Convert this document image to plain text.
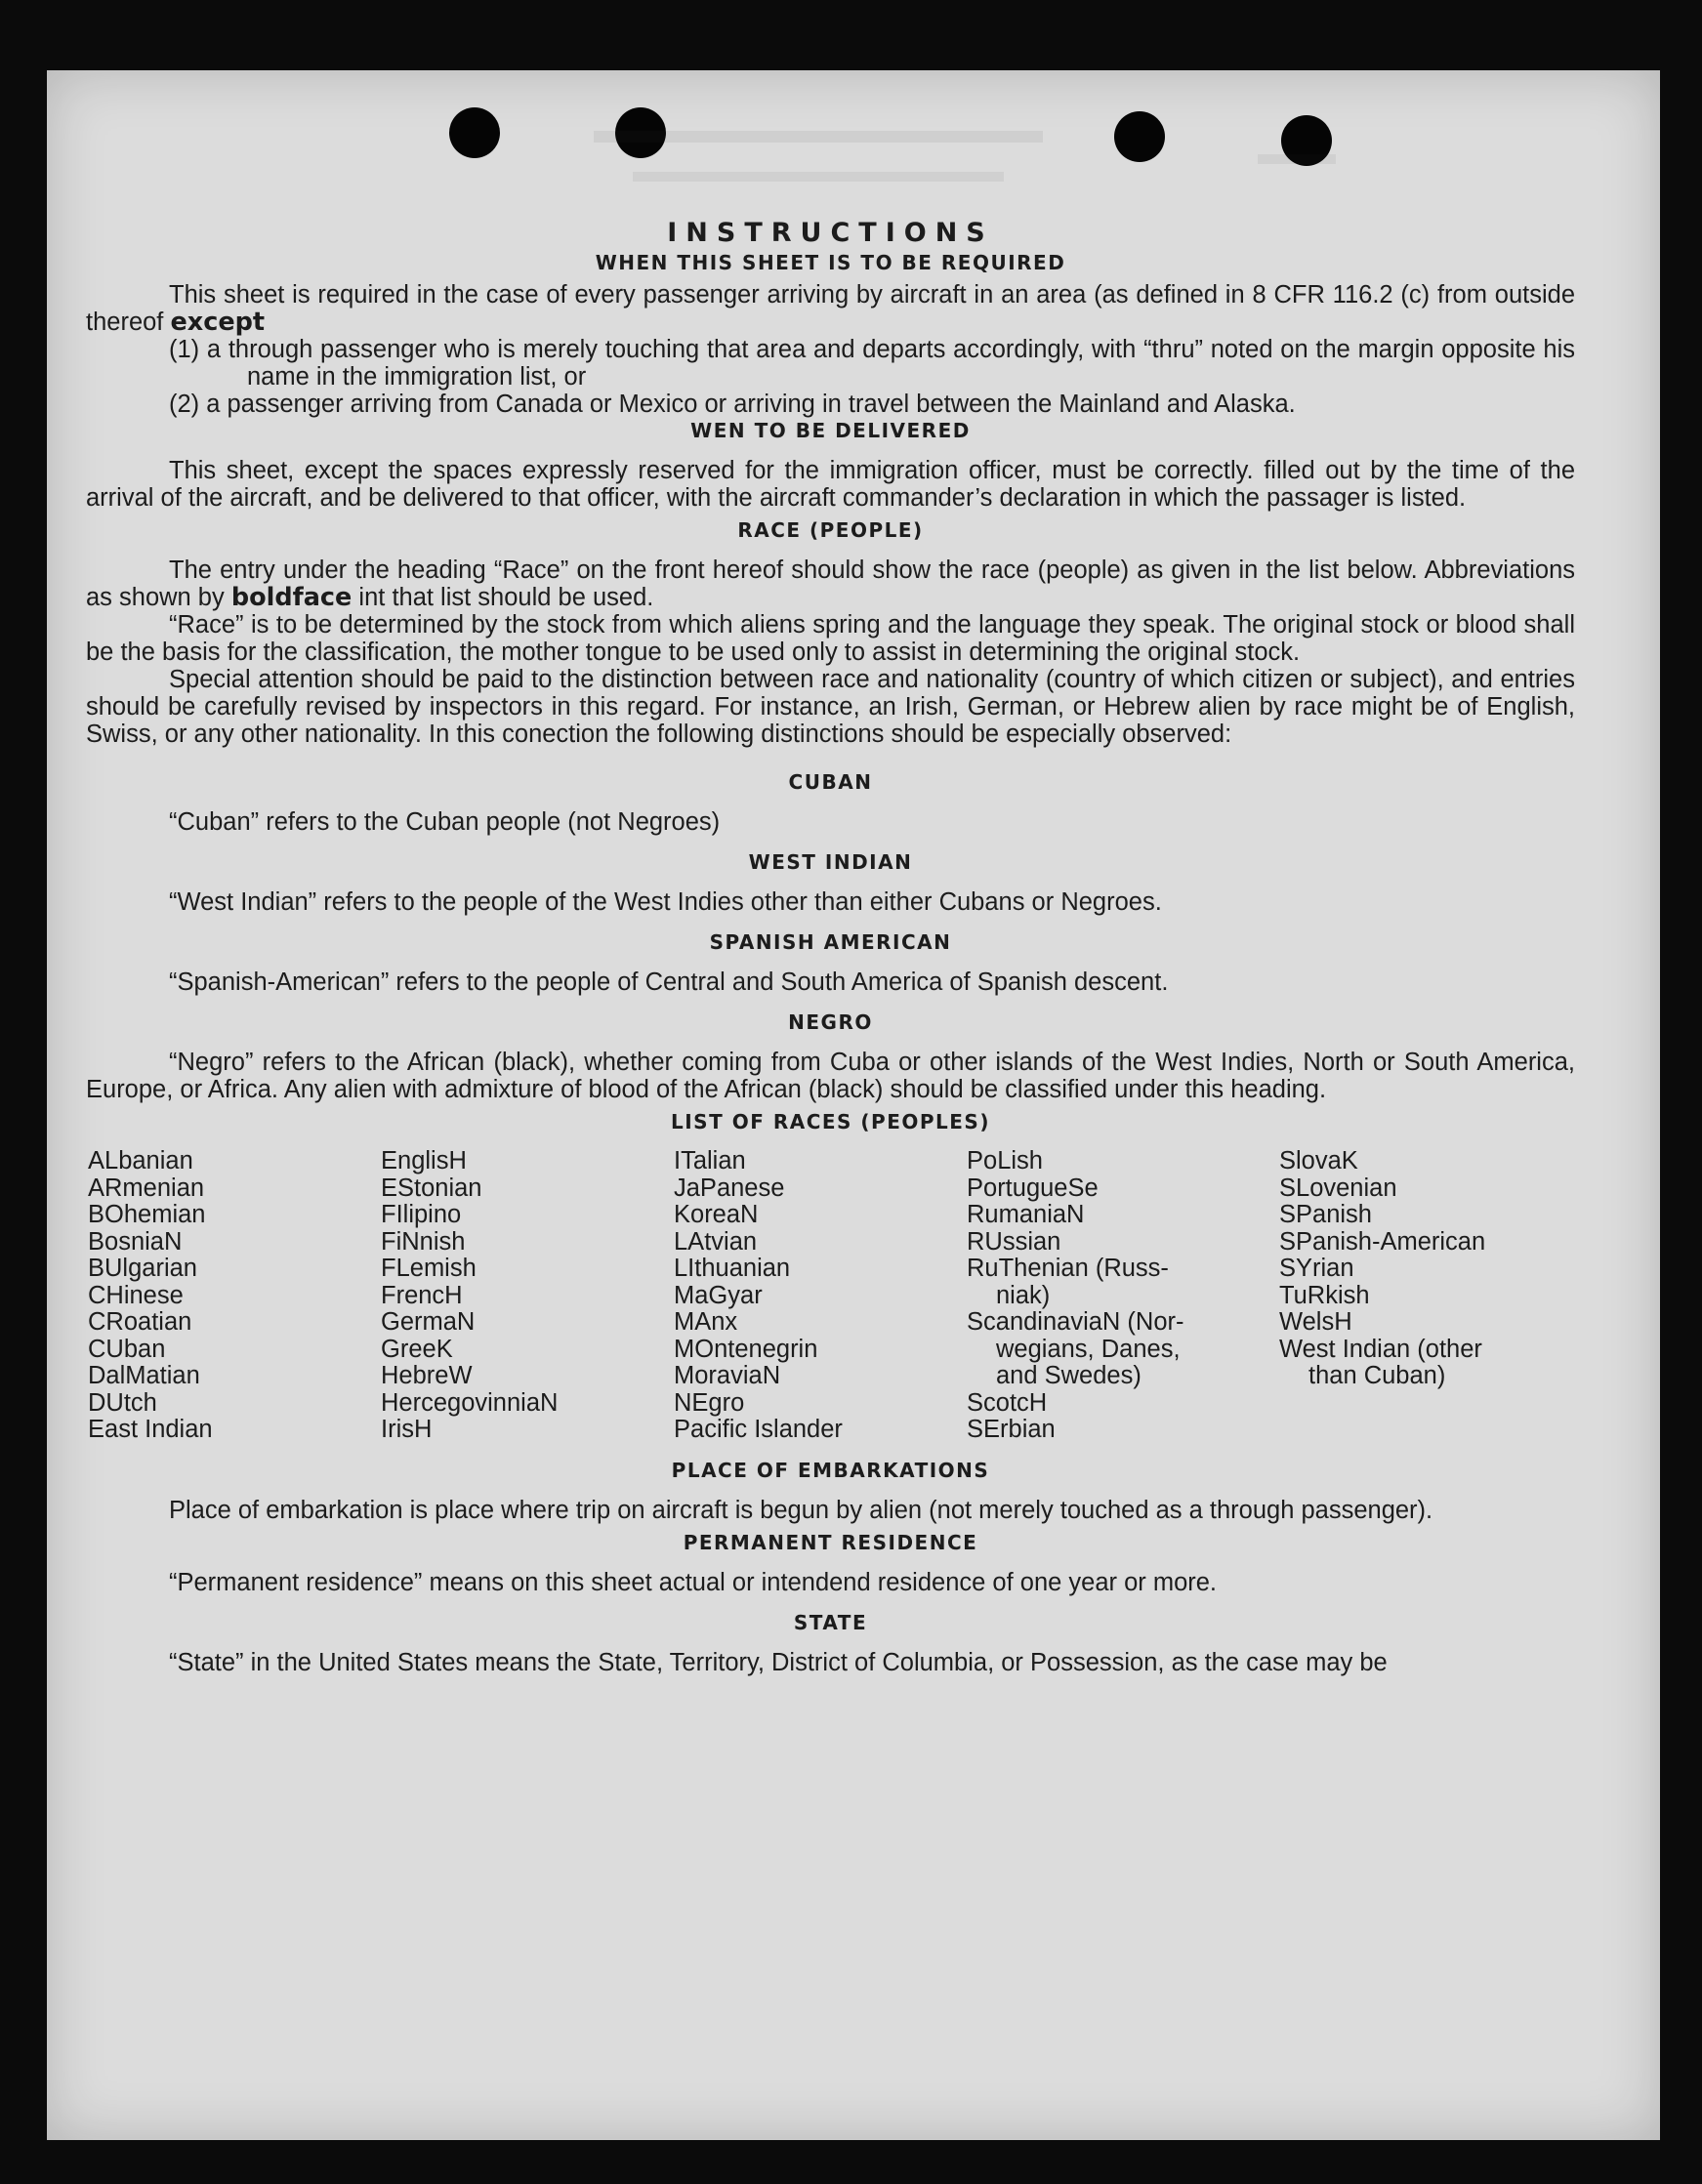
INSTRUCTIONS
WHEN THIS SHEET IS TO BE REQUIRED

This sheet is required in the case of every passenger arriving by aircraft in an area (as defined in 8 CFR 116.2 (c) from outside thereof except

(1) a through passenger who is merely touching that area and departs accordingly, with “thru” noted on the margin opposite his name in the immigration list, or

(2) a passenger arriving from Canada or Mexico or arriving in travel between the Mainland and Alaska.

WEN TO BE DELIVERED

This sheet, except the spaces expressly reserved for the immigration officer, must be correctly. filled out by the time of the arrival of the aircraft, and be delivered to that officer, with the aircraft commander’s declaration in which the passager is listed.

RACE (PEOPLE)

The entry under the heading “Race” on the front hereof should show the race (people) as given in the list below. Abbreviations as shown by boldface int that list should be used.

“Race” is to be determined by the stock from which aliens spring and the language they speak. The original stock or blood shall be the basis for the classification, the mother tongue to be used only to assist in determining the original stock.

Special attention should be paid to the distinction between race and nationality (country of which citizen or subject), and entries should be carefully revised by inspectors in this regard. For instance, an Irish, German, or Hebrew alien by race might be of English, Swiss, or any other nationality. In this conection the following distinctions should be especially observed:

CUBAN

“Cuban” refers to the Cuban people (not Negroes)

WEST INDIAN

“West Indian” refers to the people of the West Indies other than either Cubans or Negroes.

SPANISH AMERICAN

“Spanish-American” refers to the people of Central and South America of Spanish descent.

NEGRO

“Negro” refers to the African (black), whether coming from Cuba or other islands of the West Indies, North or South America, Europe, or Africa. Any alien with admixture of blood of the African (black) should be classified under this heading.

LIST OF RACES (PEOPLES)
ALbanian
ARmenian
BOhemian
BosniaN
BUlgarian
CHinese
CRoatian
CUban
DalMatian
DUtch
East Indian
EnglisH
EStonian
FIlipino
FiNnish
FLemish
FrencH
GermaN
GreeK
HebreW
HercegovinniaN
IrisH
ITalian
JaPanese
KoreaN
LAtvian
LIthuanian
MaGyar
MAnx
MOntenegrin
MoraviaN
NEgro
Pacific Islander
PoLish
PortugueSe
RumaniaN
RUssian
RuThenian (Russ-
niak)
ScandinaviaN (Nor-
wegians, Danes,
and Swedes)
ScotcH
SErbian
SlovaK
SLovenian
SPanish
SPanish-American
SYrian
TuRkish
WelsH
West Indian (other
than Cuban)
PLACE OF EMBARKATIONS

Place of embarkation is place where trip on aircraft is begun by alien (not merely touched as a through passenger).

PERMANENT RESIDENCE

“Permanent residence” means on this sheet actual or intendend residence of one year or more.

STATE

“State” in the United States means the State, Territory, District of Columbia, or Possession, as the case may be
